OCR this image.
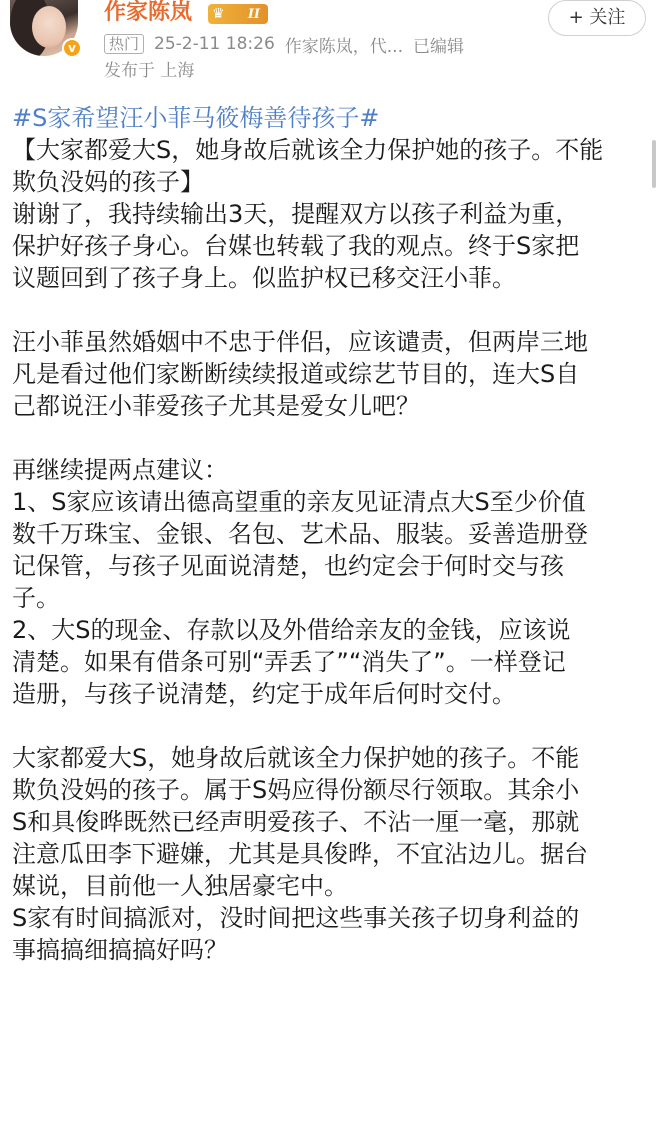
v
作家陈岚 ♛	II	+ 关注
热门 25-2-11 18:26 作家陈岚，代... 已编辑
发布于 上海

#S家希望汪小菲马筱梅善待孩子#

【大家都爱大S，她身故后就该全力保护她的孩子。不能

欺负没妈的孩子】

谢谢了，我持续输出3天，提醒双方以孩子利益为重，

保护好孩子身心。台媒也转载了我的观点。终于S家把

议题回到了孩子身上。似监护权已移交汪小菲。

汪小菲虽然婚姻中不忠于伴侣，应该谴责，但两岸三地

凡是看过他们家断断续续报道或综艺节目的，连大S自

己都说汪小菲爱孩子尤其是爱女儿吧？

再继续提两点建议：

1、S家应该请出德高望重的亲友见证清点大S至少价值

数千万珠宝、金银、名包、艺术品、服装。妥善造册登

记保管，与孩子见面说清楚，也约定会于何时交与孩

子。

2、大S的现金、存款以及外借给亲友的金钱，应该说

清楚。如果有借条可别“弄丢了”“消失了”。一样登记

造册，与孩子说清楚，约定于成年后何时交付。

大家都爱大S，她身故后就该全力保护她的孩子。不能

欺负没妈的孩子。属于S妈应得份额尽行领取。其余小

S和具俊晔既然已经声明爱孩子、不沾一厘一毫，那就

注意瓜田李下避嫌，尤其是具俊晔，不宜沾边儿。据台

媒说，目前他一人独居豪宅中。

S家有时间搞派对，没时间把这些事关孩子切身利益的

事搞搞细搞搞好吗？
